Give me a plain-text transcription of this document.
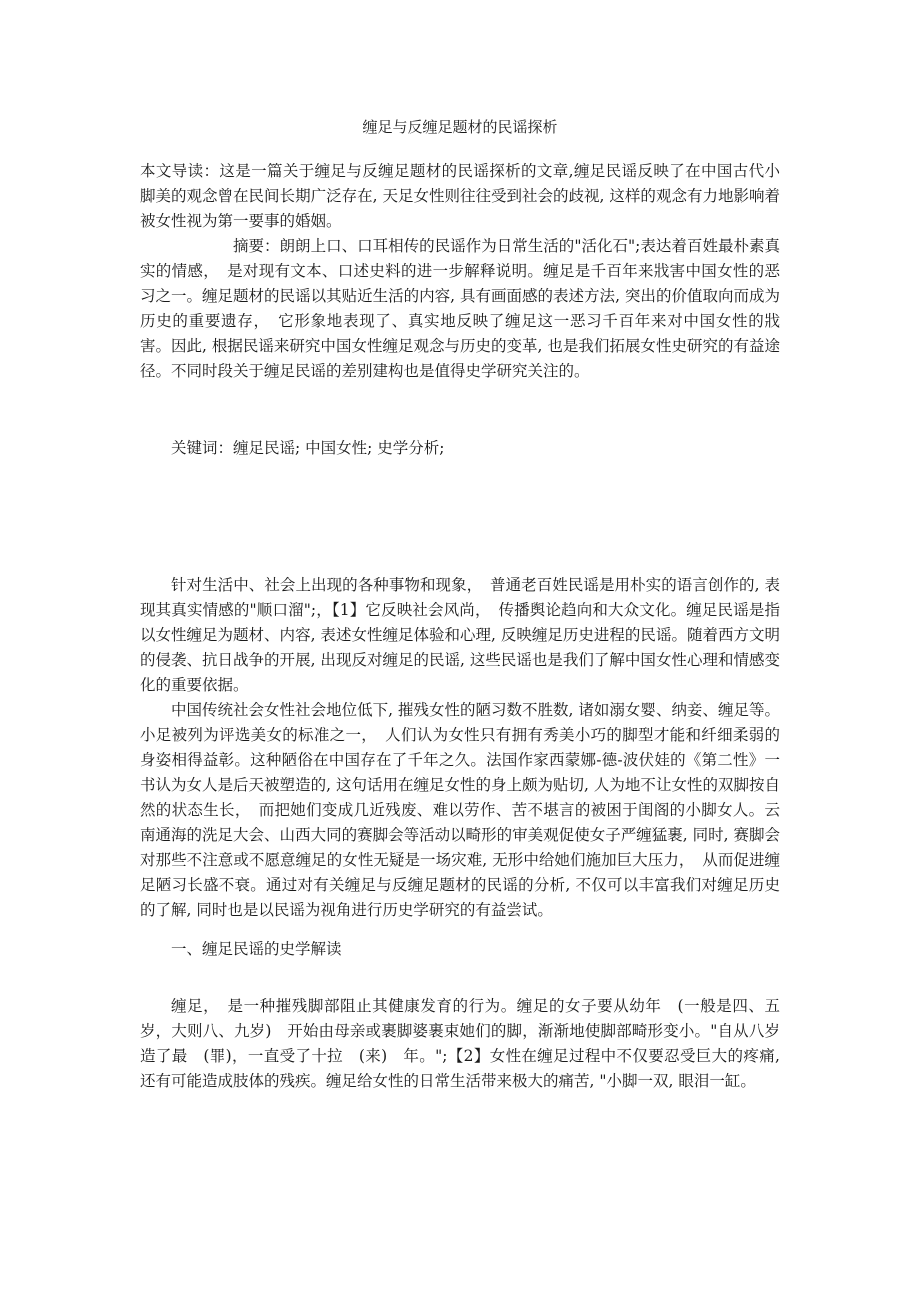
缠足与反缠足题材的民谣探析

本文导读：这是一篇关于缠足与反缠足题材的民谣探析的文章,缠足民谣反映了在中国古代小脚美的观念曾在民间长期广泛存在, 天足女性则往往受到社会的歧视, 这样的观念有力地影响着被女性视为第一要事的婚姻。

摘要：朗朗上口、口耳相传的民谣作为日常生活的"活化石";表达着百姓最朴素真实的情感，　是对现有文本、口述史料的进一步解释说明。缠足是千百年来戕害中国女性的恶习之一。缠足题材的民谣以其贴近生活的内容, 具有画面感的表述方法, 突出的价值取向而成为历史的重要遗存，　它形象地表现了、真实地反映了缠足这一恶习千百年来对中国女性的戕害。因此, 根据民谣来研究中国女性缠足观念与历史的变革, 也是我们拓展女性史研究的有益途径。不同时段关于缠足民谣的差别建构也是值得史学研究关注的。

关键词：缠足民谣; 中国女性; 史学分析;

针对生活中、社会上出现的各种事物和现象，　普通老百姓民谣是用朴实的语言创作的, 表现其真实情感的"顺口溜";，【1】它反映社会风尚，　传播舆论趋向和大众文化。缠足民谣是指以女性缠足为题材、内容, 表述女性缠足体验和心理, 反映缠足历史进程的民谣。随着西方文明的侵袭、抗日战争的开展, 出现反对缠足的民谣, 这些民谣也是我们了解中国女性心理和情感变化的重要依据。

中国传统社会女性社会地位低下, 摧残女性的陋习数不胜数, 诸如溺女婴、纳妾、缠足等。小足被列为评选美女的标准之一，　人们认为女性只有拥有秀美小巧的脚型才能和纤细柔弱的身姿相得益彰。这种陋俗在中国存在了千年之久。法国作家西蒙娜-德-波伏娃的《第二性》一书认为女人是后天被塑造的, 这句话用在缠足女性的身上颇为贴切, 人为地不让女性的双脚按自然的状态生长，　而把她们变成几近残废、难以劳作、苦不堪言的被困于闺阁的小脚女人。云南通海的洗足大会、山西大同的赛脚会等活动以畸形的审美观促使女子严缠猛裹, 同时, 赛脚会对那些不注意或不愿意缠足的女性无疑是一场灾难, 无形中给她们施加巨大压力，　从而促进缠足陋习长盛不衰。通过对有关缠足与反缠足题材的民谣的分析, 不仅可以丰富我们对缠足历史的了解, 同时也是以民谣为视角进行历史学研究的有益尝试。

一、缠足民谣的史学解读

缠足，　是一种摧残脚部阻止其健康发育的行为。缠足的女子要从幼年　(一般是四、五岁，大则八、九岁)　开始由母亲或裹脚婆裹束她们的脚，渐渐地使脚部畸形变小。"自从八岁造了最　(罪)，一直受了十拉　(来)　年。";【2】女性在缠足过程中不仅要忍受巨大的疼痛, 还有可能造成肢体的残疾。缠足给女性的日常生活带来极大的痛苦, "小脚一双, 眼泪一缸。
